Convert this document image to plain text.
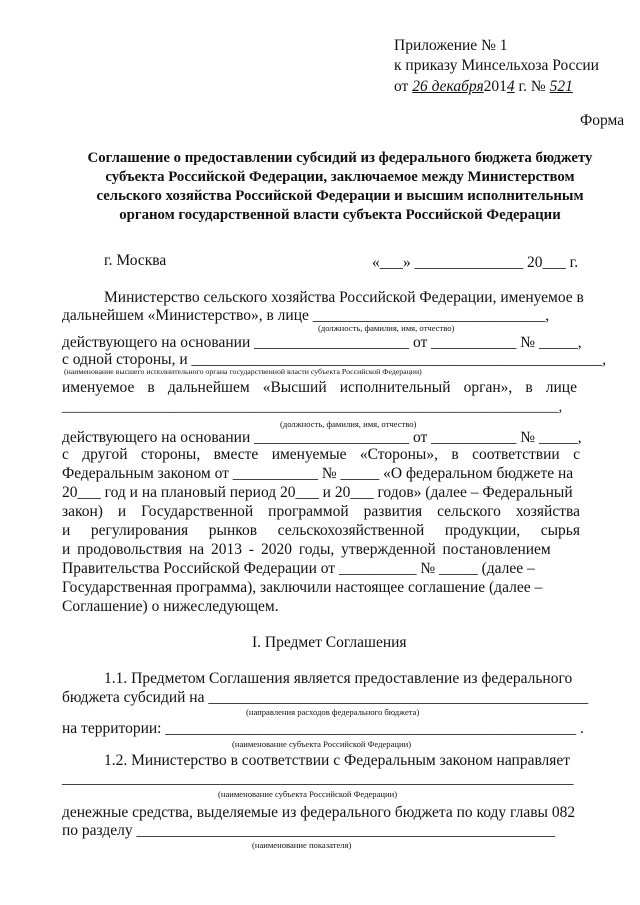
Приложение № 1
к приказу Минсельхоза России
от 26 декабря2014 г. № 521
Форма
Соглашение о предоставлении субсидий из федерального бюджета бюджету
субъекта Российской Федерации, заключаемое между Министерством
сельского хозяйства Российской Федерации и высшим исполнительным
органом государственной власти субъекта Российской Федерации
г. Москва	«___» ______________ 20___ г.
Министерство сельского хозяйства Российской Федерации, именуемое в
дальнейшем «Министерство», в лице ______________________________,
(должность, фамилия, имя, отчество)
действующего на основании ____________________ от ___________ № _____,
с одной стороны, и _____________________________________________________,
(наименование высшего исполнительного органа государственной власти субъекта Российской Федерации)
именуемое в дальнейшем «Высший исполнительный орган», в лице
______________________________________________________________________,
(должность, фамилия, имя, отчество)
действующего на основании ____________________ от ___________ № _____,
с другой стороны, вместе именуемые «Стороны», в соответствии с
Федеральным законом от ___________ № _____ «О федеральном бюджете на
20___ год и на плановый период 20___ и 20___ годов» (далее – Федеральный
закон) и Государственной программой развития сельского хозяйства
и регулирования рынков сельскохозяйственной продукции, сырья
и продовольствия на 2013 - 2020 годы, утвержденной постановлением
Правительства Российской Федерации от __________ № _____ (далее –
Государственная программа), заключили настоящее соглашение (далее –
Соглашение) о нижеследующем.
I. Предмет Соглашения
1.1. Предметом Соглашения является предоставление из федерального
бюджета субсидий на _________________________________________________
(направления расходов федерального бюджета)
на территории: _____________________________________________________ .
(наименование субъекта Российской Федерации)
1.2. Министерство в соответствии с Федеральным законом направляет
__________________________________________________________________
(наименование субъекта Российской Федерации)
денежные средства, выделяемые из федерального бюджета по коду главы 082
по разделу ______________________________________________________
(наименование показателя)
